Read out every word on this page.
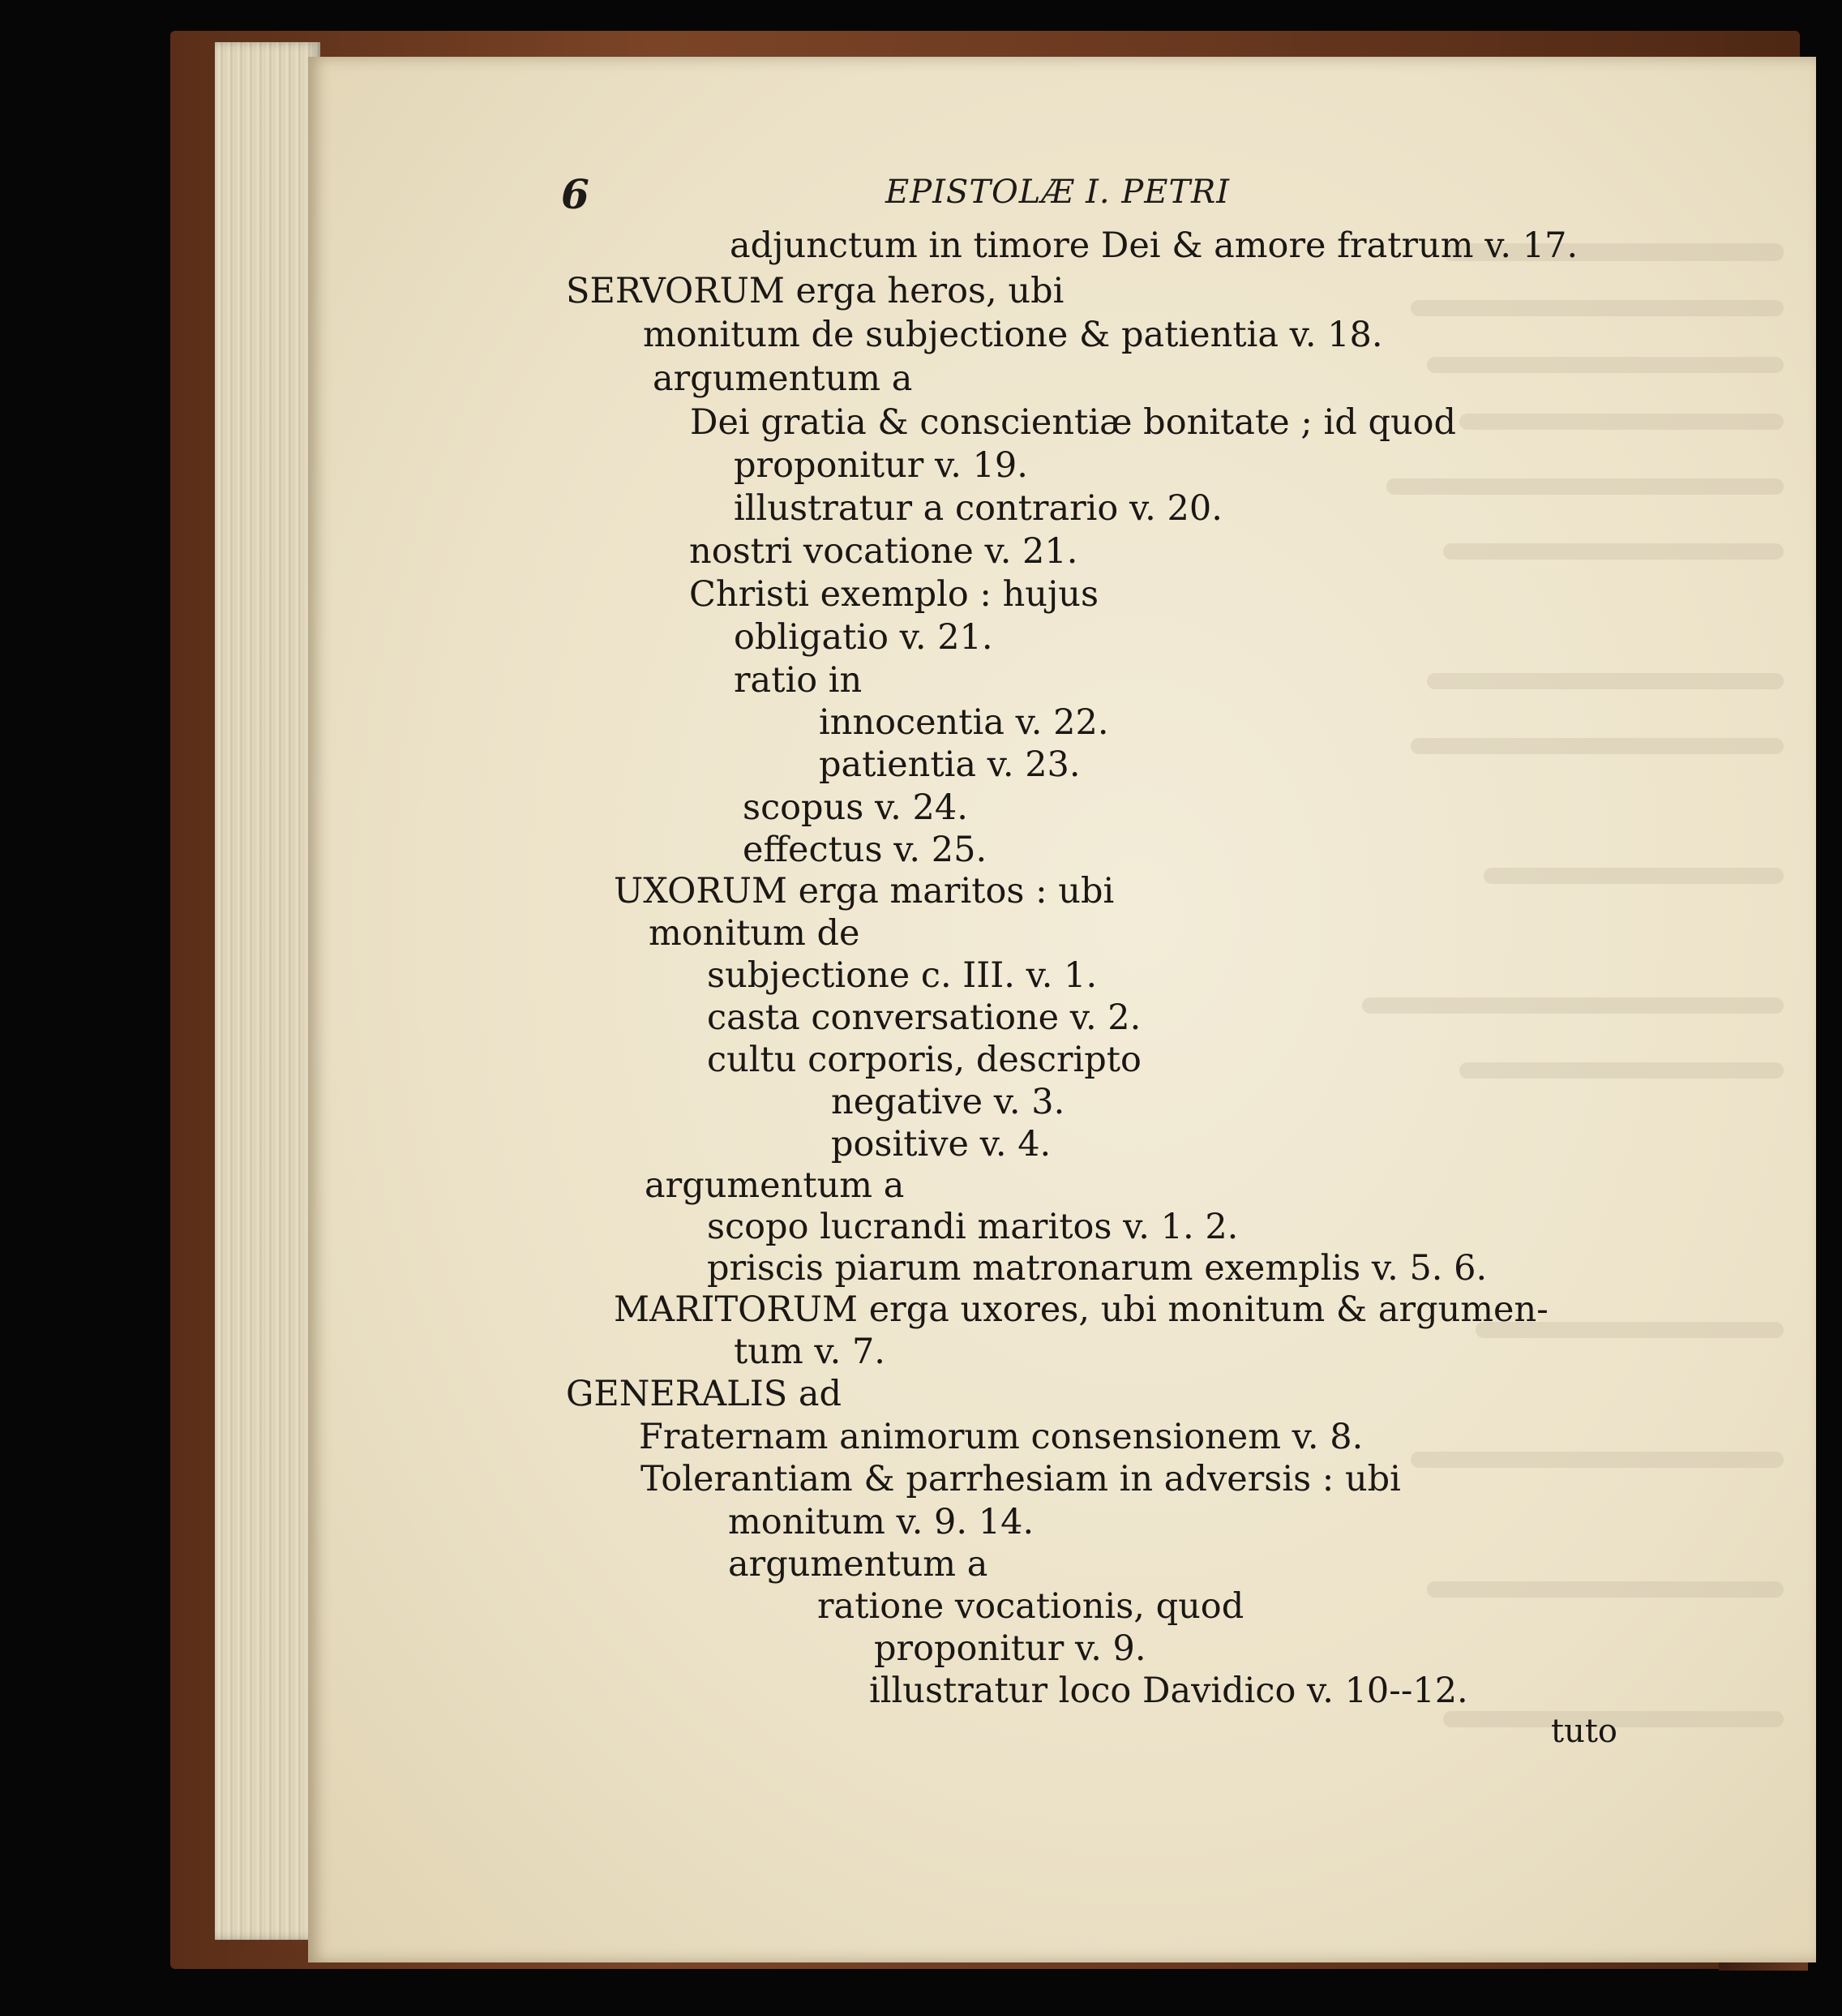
6	EPISTOLÆ I. PETRI
adjunctum in timore Dei & amore fratrum v. 17.
SERVORUM erga heros, ubi
monitum de subjectione & patientia v. 18.
argumentum a
Dei gratia & conscientiæ bonitate ; id quod
proponitur v. 19.
illustratur a contrario v. 20.
nostri vocatione v. 21.
Christi exemplo : hujus
obligatio v. 21.
ratio in
innocentia v. 22.
patientia v. 23.
scopus v. 24.
effectus v. 25.
UXORUM erga maritos : ubi
monitum de
subjectione c. III. v. 1.
casta conversatione v. 2.
cultu corporis, descripto
negative v. 3.
positive v. 4.
argumentum a
scopo lucrandi maritos v. 1. 2.
priscis piarum matronarum exemplis v. 5. 6.
MARITORUM erga uxores, ubi monitum & argumen-
tum v. 7.
GENERALIS ad
Fraternam animorum consensionem v. 8.
Tolerantiam & parrhesiam in adversis : ubi
monitum v. 9. 14.
argumentum a
ratione vocationis, quod
proponitur v. 9.
illustratur loco Davidico v. 10--12.
tuto
